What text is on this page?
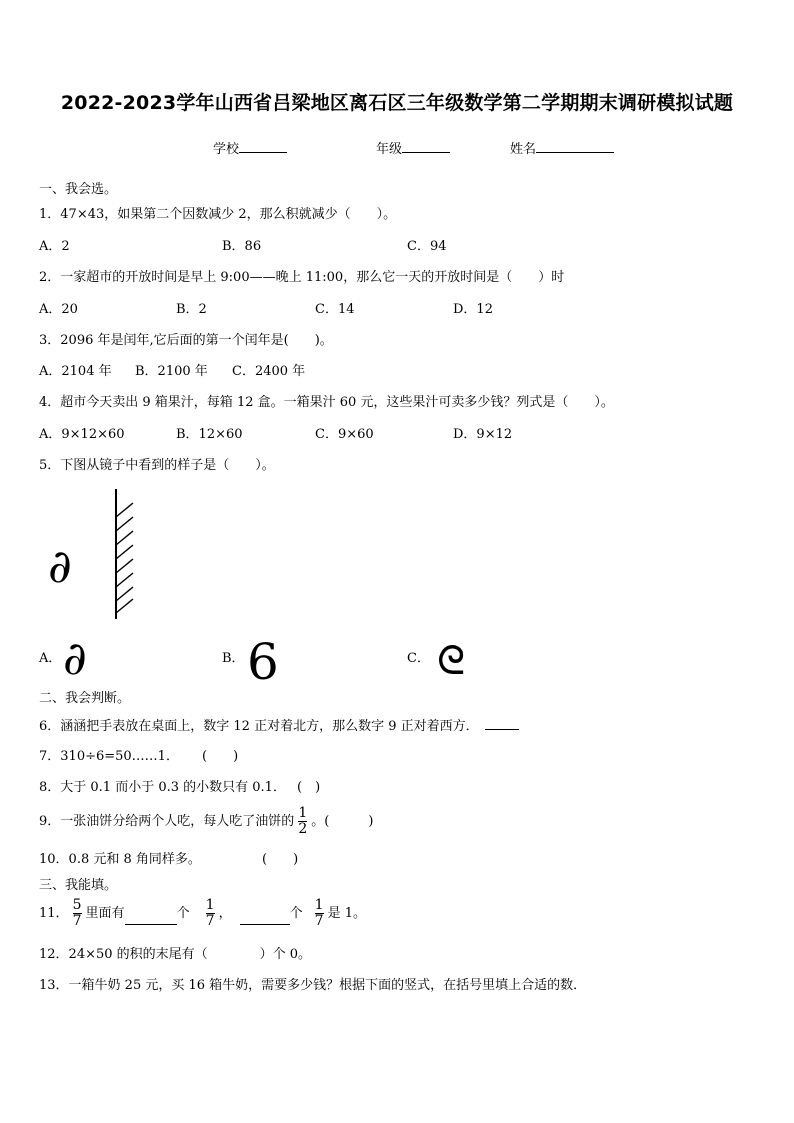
2022-2023学年山西省吕梁地区离石区三年级数学第二学期期末调研模拟试题
学校	年级	姓名
一、我会选。
1．47×43，如果第二个因数减少 2，那么积就减少（　　）。
A．2	B．86	C．94
2．一家超市的开放时间是早上 9:00——晚上 11:00，那么它一天的开放时间是（　　）时
A．20	B．2	C．14	D．12
3．2096 年是闰年,它后面的第一个闰年是(　　)。
A．2104 年 B．2100 年 C．2400 年
4．超市今天卖出 9 箱果汁，每箱 12 盒。一箱果汁 60 元，这些果汁可卖多少钱？列式是（　　）。
A．9×12×60	B．12×60	C．9×60	D．9×12
5．下图从镜子中看到的样子是（　　）。
∂
A． ∂	B． 6	C． ᘓ
二、我会判断。
6．涵涵把手表放在桌面上，数字 12 正对着北方，那么数字 9 正对着西方．
7．310÷6=50……1． (　　)
8．大于 0.1 而小于 0.3 的小数只有 0.1． (　)
9．一张油饼分给两个人吃，每人吃了油饼的 $\frac{1}{2}$ 。(　　　)
10．0.8 元和 8 角同样多。	(　　)
三、我能填。
11． $\frac{5}{7}$ 里面有	个 $\frac{1}{7}$ ，	个 $\frac{1}{7}$ 是 1。
12．24×50 的积的末尾有（　　　　）个 0。
13．一箱牛奶 25 元，买 16 箱牛奶，需要多少钱？根据下面的竖式，在括号里填上合适的数．
